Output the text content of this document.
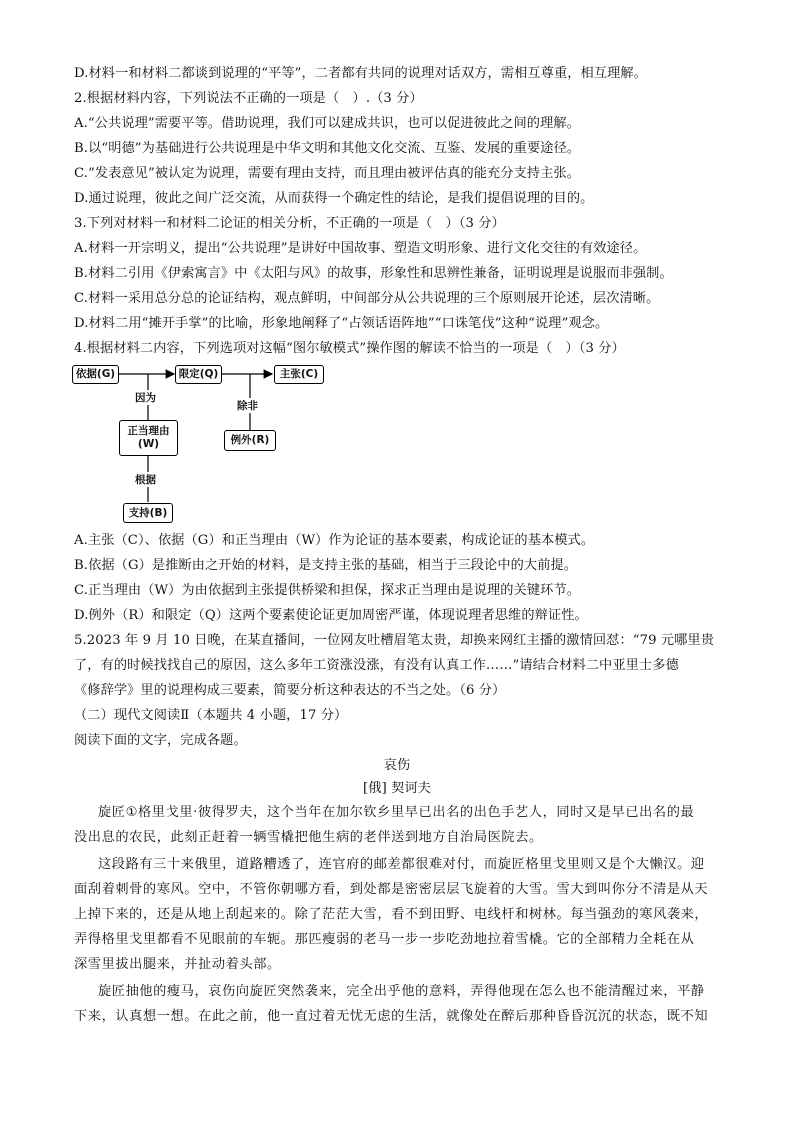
D.材料一和材料二都谈到说理的“平等”，二者都有共同的说理对话双方，需相互尊重，相互理解。
2.根据材料内容，下列说法不正确的一项是（　）.（3 分）
A.“公共说理”需要平等。借助说理，我们可以建成共识，也可以促进彼此之间的理解。
B.以“明德”为基础进行公共说理是中华文明和其他文化交流、互鉴、发展的重要途径。
C.“发表意见”被认定为说理，需要有理由支持，而且理由被评估真的能充分支持主张。
D.通过说理，彼此之间广泛交流，从而获得一个确定性的结论，是我们提倡说理的目的。
3.下列对材料一和材料二论证的相关分析，不正确的一项是（　）（3 分）
A.材料一开宗明义，提出“公共说理”是讲好中国故事、塑造文明形象、进行文化交往的有效途径。
B.材料二引用《伊索寓言》中《太阳与风》的故事，形象性和思辨性兼备，证明说理是说服而非强制。
C.材料一采用总分总的论证结构，观点鲜明，中间部分从公共说理的三个原则展开论述，层次清晰。
D.材料二用“摊开手掌”的比喻，形象地阐释了“占领话语阵地”“口诛笔伐”这种“说理”观念。
4.根据材料二内容，下列选项对这幅“图尔敏模式”操作图的解读不恰当的一项是（　）（3 分）
依据(G)	限定(Q)	主张(C)
因为
除非
正当理由
(W)	例外(R)
根据
支持(B)
A.主张（C）、依据（G）和正当理由（W）作为论证的基本要素，构成论证的基本模式。
B.依据（G）是推断由之开始的材料，是支持主张的基础，相当于三段论中的大前提。
C.正当理由（W）为由依据到主张提供桥梁和担保，探求正当理由是说理的关键环节。
D.例外（R）和限定（Q）这两个要素使论证更加周密严谨，体现说理者思维的辩证性。
5.2023 年 9 月 10 日晚，在某直播间，一位网友吐槽眉笔太贵，却换来网红主播的激情回怼：“79 元哪里贵
了，有的时候找找自己的原因，这么多年工资涨没涨，有没有认真工作……”请结合材料二中亚里士多德
《修辞学》里的说理构成三要素，简要分析这种表达的不当之处。（6 分）
（二）现代文阅读Ⅱ（本题共 4 小题，17 分）
阅读下面的文字，完成各题。
哀伤
[俄] 契诃夫
旋匠①格里戈里·彼得罗夫，这个当年在加尔钦乡里早已出名的出色手艺人，同时又是早已出名的最
没出息的农民，此刻正赶着一辆雪橇把他生病的老伴送到地方自治局医院去。
这段路有三十来俄里，道路糟透了，连官府的邮差都很难对付，而旋匠格里戈里则又是个大懒汉。迎
面刮着刺骨的寒风。空中，不管你朝哪方看，到处都是密密层层飞旋着的大雪。雪大到叫你分不清是从天
上掉下来的，还是从地上刮起来的。除了茫茫大雪，看不到田野、电线杆和树林。每当强劲的寒风袭来，
弄得格里戈里都看不见眼前的车轭。那匹瘦弱的老马一步一步吃劲地拉着雪橇。它的全部精力全耗在从
深雪里拔出腿来，并扯动着头部。
旋匠抽他的瘦马，哀伤向旋匠突然袭来，完全出乎他的意料，弄得他现在怎么也不能清醒过来，平静
下来，认真想一想。在此之前，他一直过着无忧无虑的生活，就像处在醉后那种昏昏沉沉的状态，既不知
